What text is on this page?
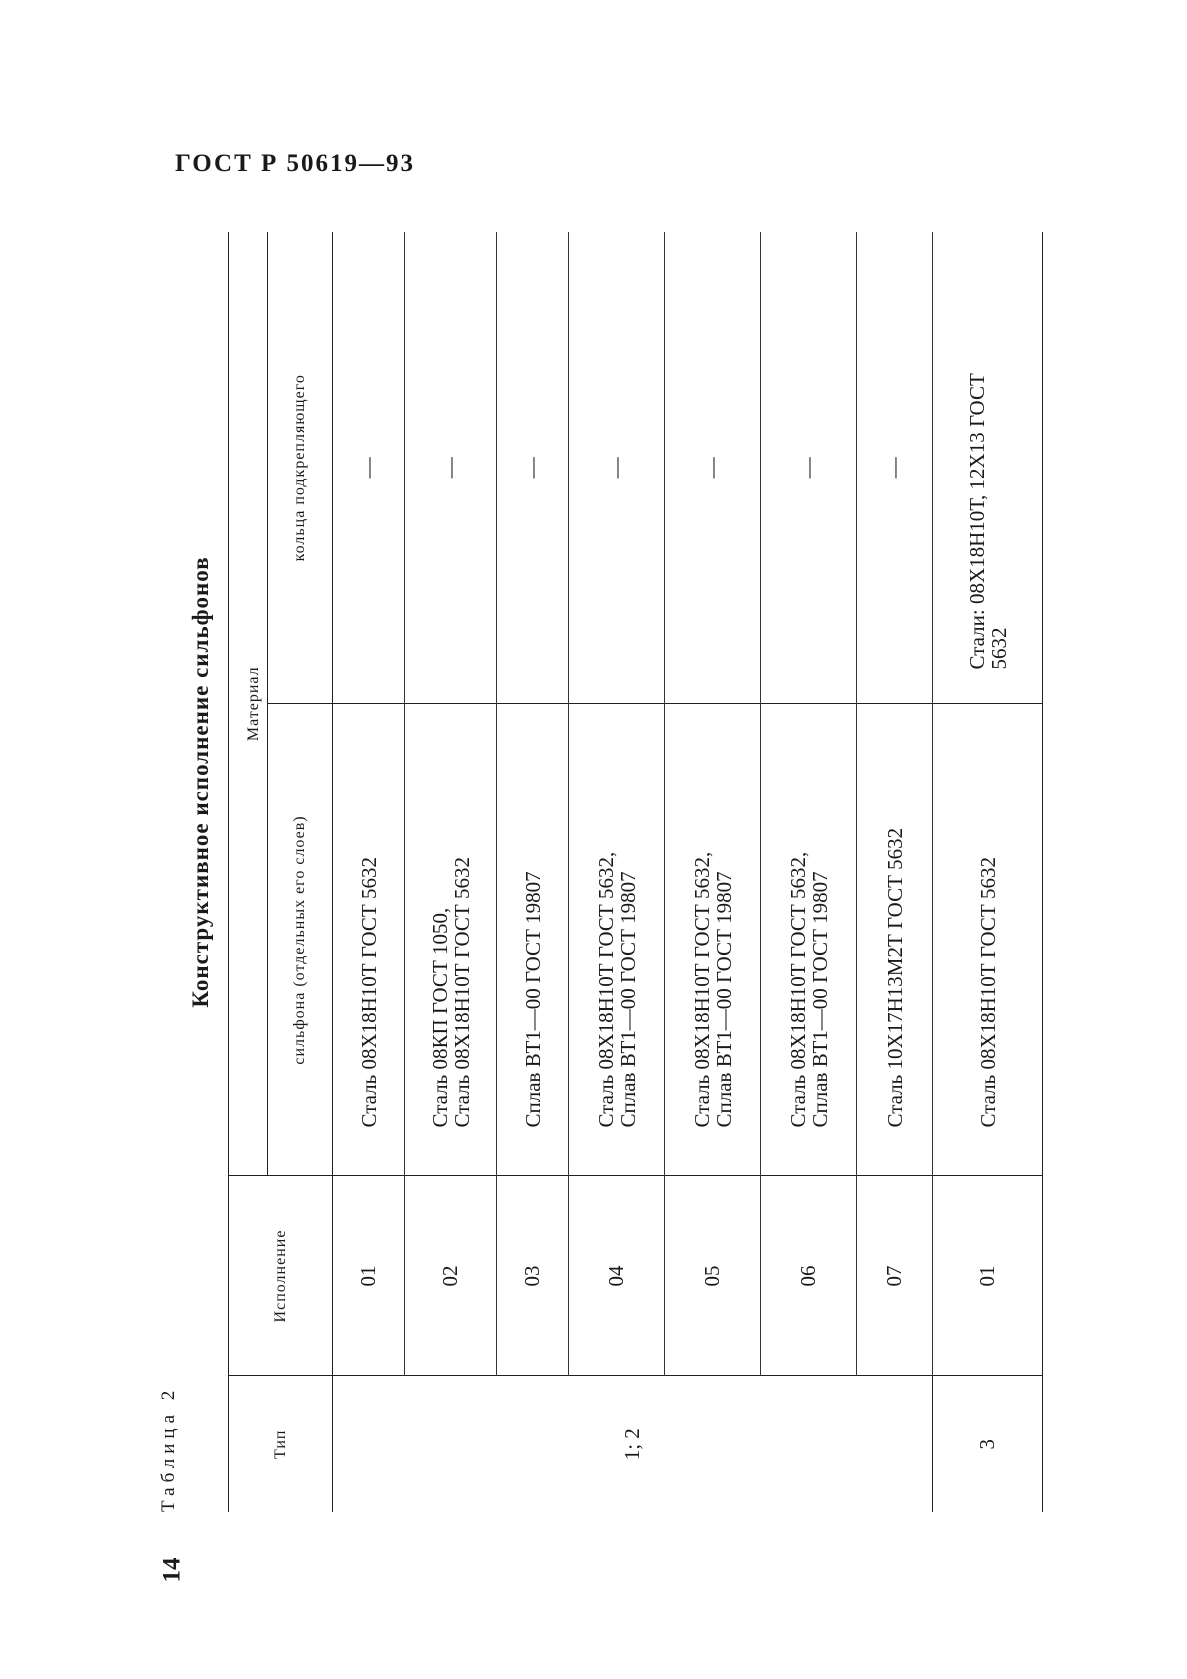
ГОСТ Р 50619—93
Таблица 2
Конструктивное исполнение сильфонов
Тип	Исполнение	Материал	
		сильфона (отдельных его слоев)	кольца подкрепляющего
1; 2	01	Сталь 08Х18Н10Т ГОСТ 5632	—
	02	Сталь 08КП ГОСТ 1050,
Сталь 08Х18Н10Т ГОСТ 5632	—
	03	Сплав ВТ1—00 ГОСТ 19807	—
	04	Сталь 08Х18Н10Т ГОСТ 5632,
Сплав ВТ1—00 ГОСТ 19807	—
	05	Сталь 08Х18Н10Т ГОСТ 5632,
Сплав ВТ1—00 ГОСТ 19807	—
	06	Сталь 08Х18Н10Т ГОСТ 5632,
Сплав ВТ1—00 ГОСТ 19807	—
	07	Сталь 10Х17Н13М2Т ГОСТ 5632	—
3	01	Сталь 08Х18Н10Т ГОСТ 5632	Стали: 08Х18Н10Т, 12Х13 ГОСТ
5632
14
